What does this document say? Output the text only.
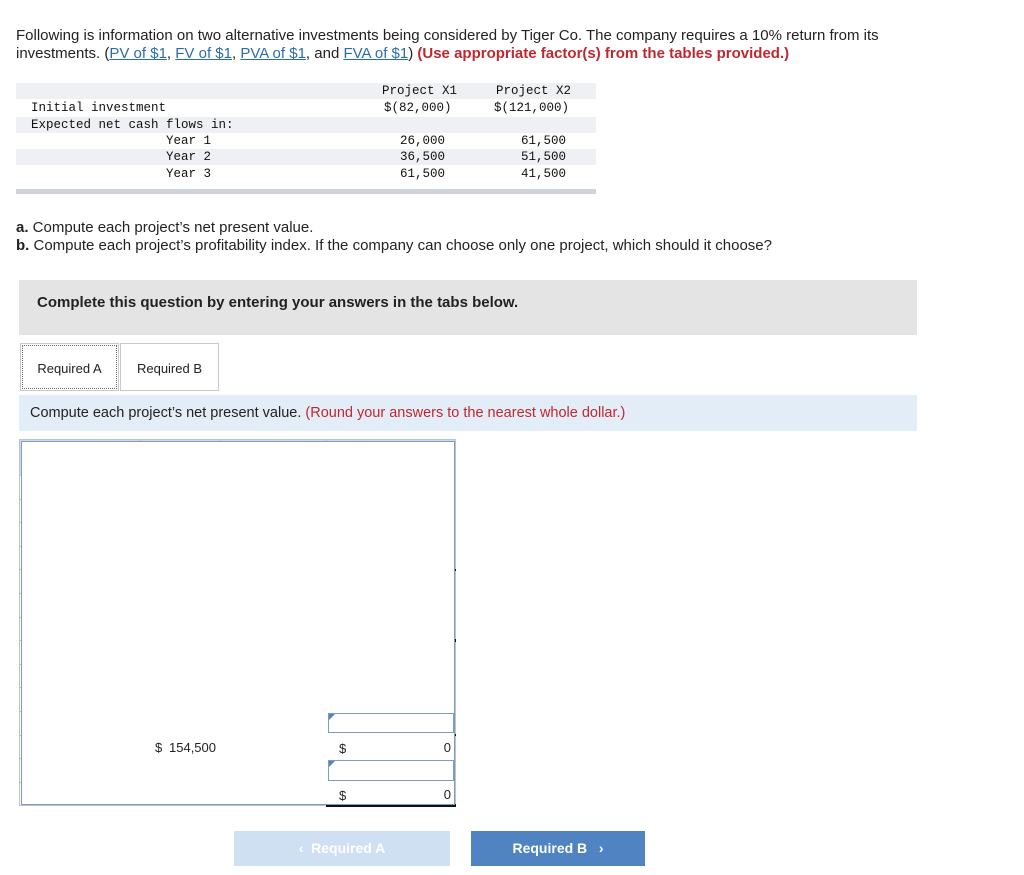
Following is information on two alternative investments being considered by Tiger Co. The company requires a 10% return from its
investments. (PV of $1, FV of $1, PVA of $1, and FVA of $1) (Use appropriate factor(s) from the tables provided.)
Project X1	Project X2
Initial investment	$(82,000)	$(121,000)
Expected net cash flows in:
Year 1	26,000	61,500
Year 2	36,500	51,500
Year 3	61,500	41,500
a. Compute each project’s net present value.
b. Compute each project’s profitability index. If the company can choose only one project, which should it choose?
Complete this question by entering your answers in the tabs below.
Required A	Required B
Compute each project’s net present value. (Round your answers to the nearest whole dollar.)

$ 154,500		$ 0

$ 0
‹ Required A	Required B ›
